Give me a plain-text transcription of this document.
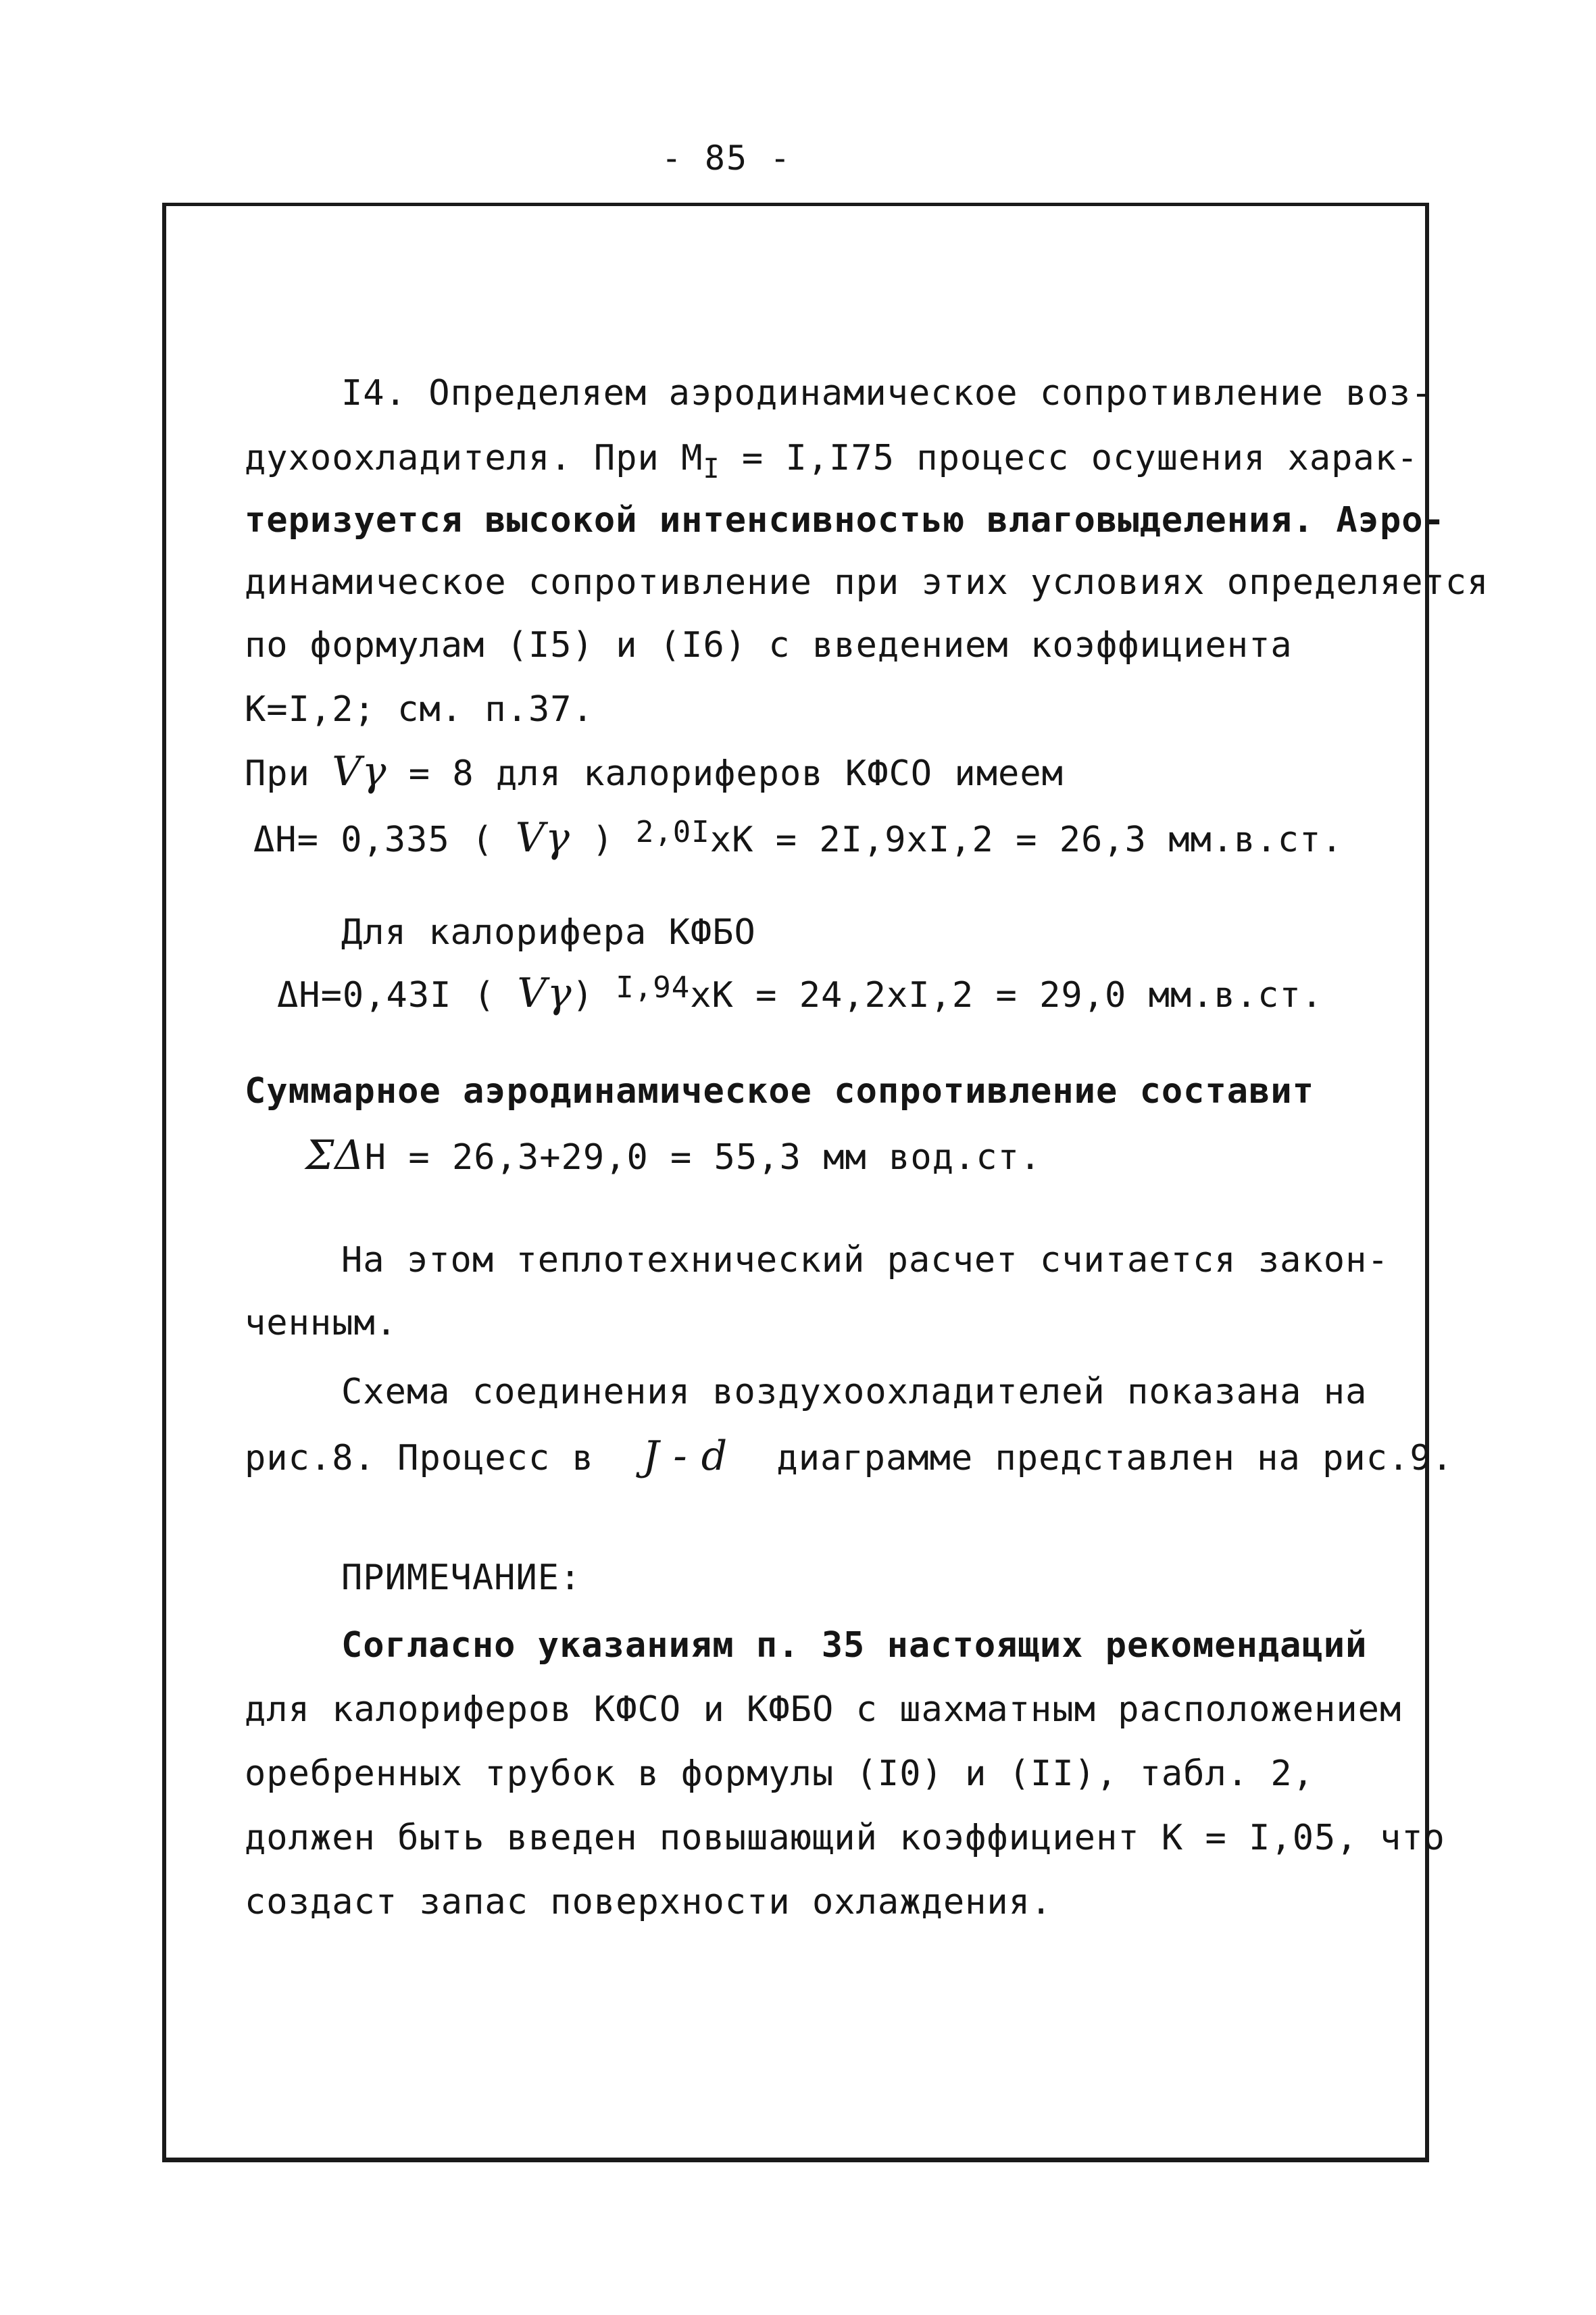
- 85 -
I4. Определяем аэродинамическое сопротивление воз-
духоохладителя. При $М_I = I,I75$ процесс осушения харак-
теризуется высокой интенсивностью влаговыделения. Аэро-
динамическое сопротивление при этих условиях определяется
по формулам (I5) и (I6) с введением коэффициента
К=I,2; см. п.37.
При Vγ = 8 для калориферов КФСО имеем
ΔH= 0,335 ( Vγ ) $^{2,0I}$xK = 2I,9xI,2 = 26,3 мм.в.ст.
Для калорифера КФБО
ΔH=0,43I ( Vγ) $^{I,94}$xK = 24,2xI,2 = 29,0 мм.в.ст.
Суммарное аэродинамическое сопротивление составит
ΣΔH = 26,3+29,0 = 55,3 мм вод.ст.
На этом теплотехнический расчет считается закон-
ченным.
Схема соединения воздухоохладителей показана на
рис.8. Процесс в J - d диаграмме представлен на рис.9.
ПРИМЕЧАНИЕ:
Согласно указаниям п. 35 настоящих рекомендаций
для калориферов КФСО и КФБО с шахматным расположением
оребренных трубок в формулы (I0) и (II), табл. 2,
должен быть введен повышающий коэффициент К = I,05, что
создаст запас поверхности охлаждения.
